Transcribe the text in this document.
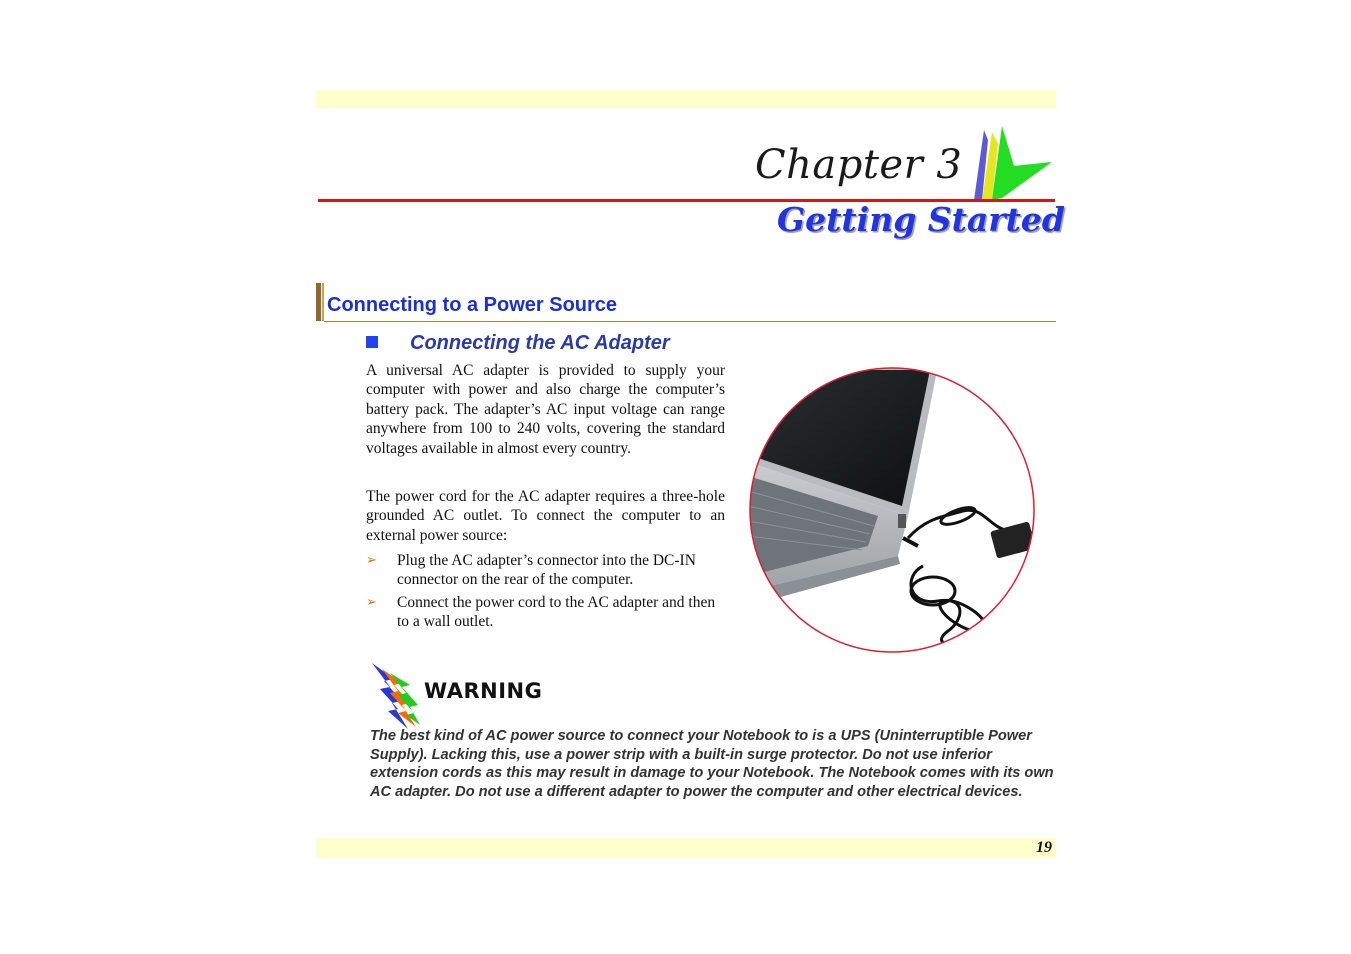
Chapter 3
Getting Started
Connecting to a Power Source
Connecting the AC Adapter

A universal AC adapter is provided to supply your computer with power and also charge the computer’s battery pack. The adapter’s AC input voltage can range anywhere from 100 to 240 volts, covering the standard voltages available in almost every country.

The power cord for the AC adapter requires a three-hole grounded AC outlet. To connect the computer to an external power source:

➢ Plug the AC adapter’s connector into the DC-IN connector on the rear of the computer.
➢ Connect the power cord to the AC adapter and then to a wall outlet.
WARNING

The best kind of AC power source to connect your Notebook to is a UPS (Uninterruptible Power Supply). Lacking this, use a power strip with a built-in surge protector. Do not use inferior extension cords as this may result in damage to your Notebook. The Notebook comes with its own AC adapter. Do not use a different adapter to power the computer and other electrical devices.

19
